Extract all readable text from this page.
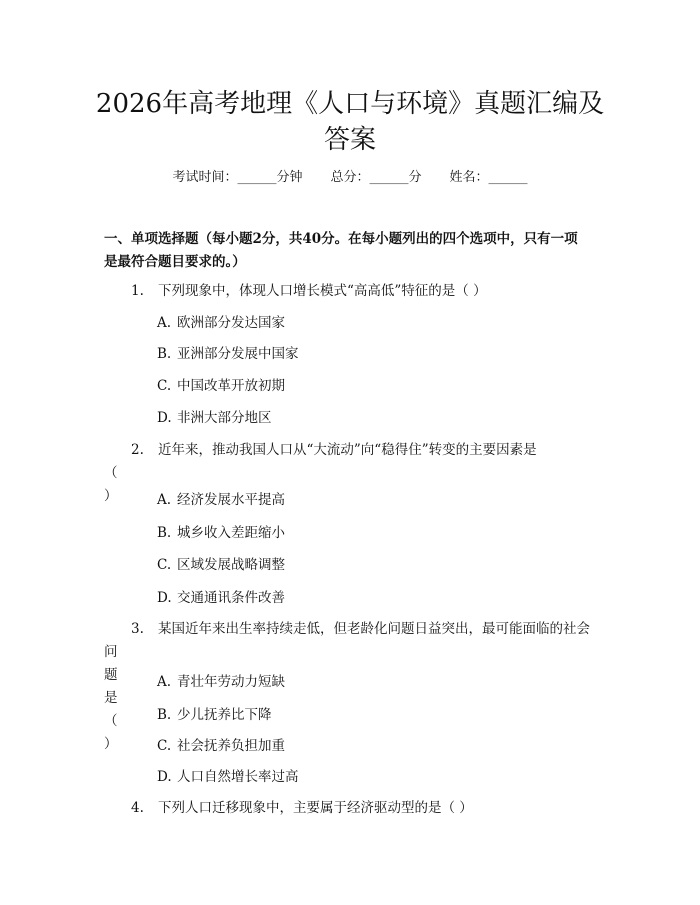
2026年高考地理《人口与环境》真题汇编及
答案
考试时间：______分钟 总分：______分 姓名：______
一、单项选择题（每小题2分，共40分。在每小题列出的四个选项中，只有一项
是最符合题目要求的。）
1.	下列现象中，体现人口增长模式“高高低”特征的是（ ）
A. 欧洲部分发达国家
B. 亚洲部分发展中国家
C. 中国改革开放初期
D. 非洲大部分地区
2.	近年来，推动我国人口从“大流动”向“稳得住”转变的主要因素是
（ ）	A. 经济发展水平提高
B. 城乡收入差距缩小
C. 区域发展战略调整
D. 交通通讯条件改善
3.	某国近年来出生率持续走低，但老龄化问题日益突出，最可能面临的社会
问题是（ ）
A. 青壮年劳动力短缺
B. 少儿抚养比下降
C. 社会抚养负担加重
D. 人口自然增长率过高
4.	下列人口迁移现象中，主要属于经济驱动型的是（ ）
